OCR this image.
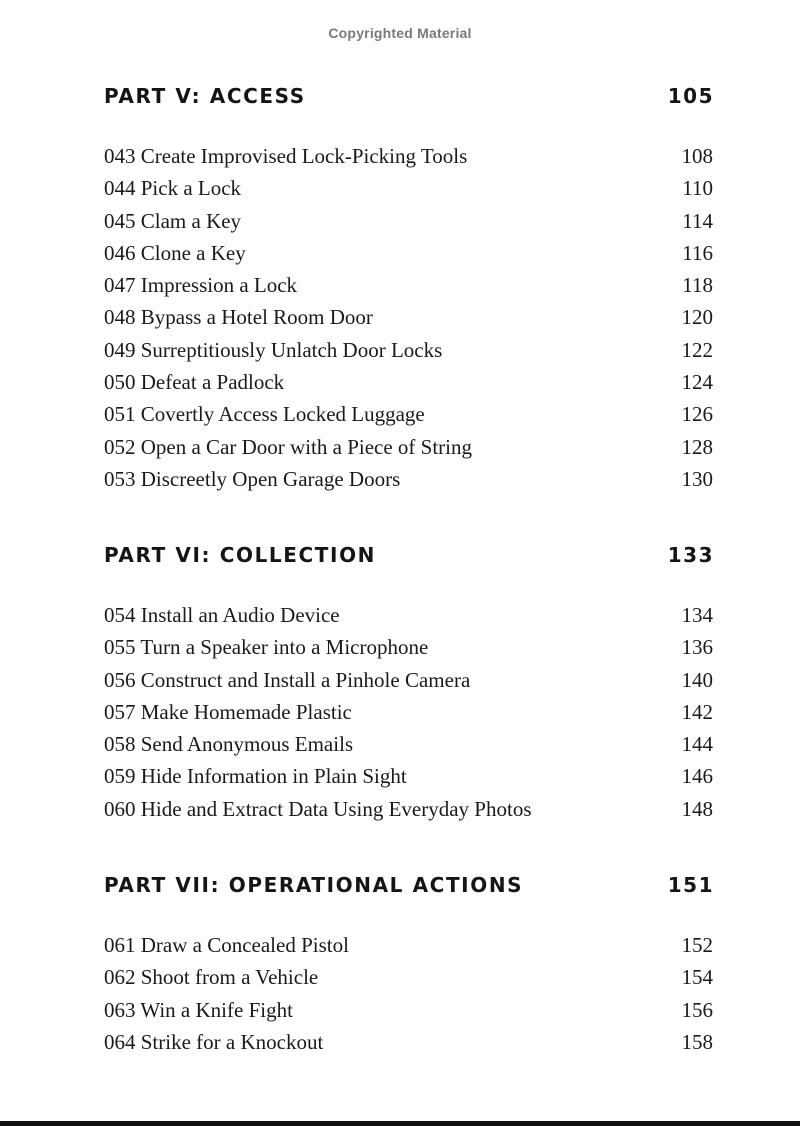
Copyrighted Material
PART V: ACCESS	105
043 Create Improvised Lock-Picking Tools	108
044 Pick a Lock	110
045 Clam a Key	114
046 Clone a Key	116
047 Impression a Lock	118
048 Bypass a Hotel Room Door	120
049 Surreptitiously Unlatch Door Locks	122
050 Defeat a Padlock	124
051 Covertly Access Locked Luggage	126
052 Open a Car Door with a Piece of String	128
053 Discreetly Open Garage Doors	130
PART VI: COLLECTION	133
054 Install an Audio Device	134
055 Turn a Speaker into a Microphone	136
056 Construct and Install a Pinhole Camera	140
057 Make Homemade Plastic	142
058 Send Anonymous Emails	144
059 Hide Information in Plain Sight	146
060 Hide and Extract Data Using Everyday Photos	148
PART VII: OPERATIONAL ACTIONS	151
061 Draw a Concealed Pistol	152
062 Shoot from a Vehicle	154
063 Win a Knife Fight	156
064 Strike for a Knockout	158
